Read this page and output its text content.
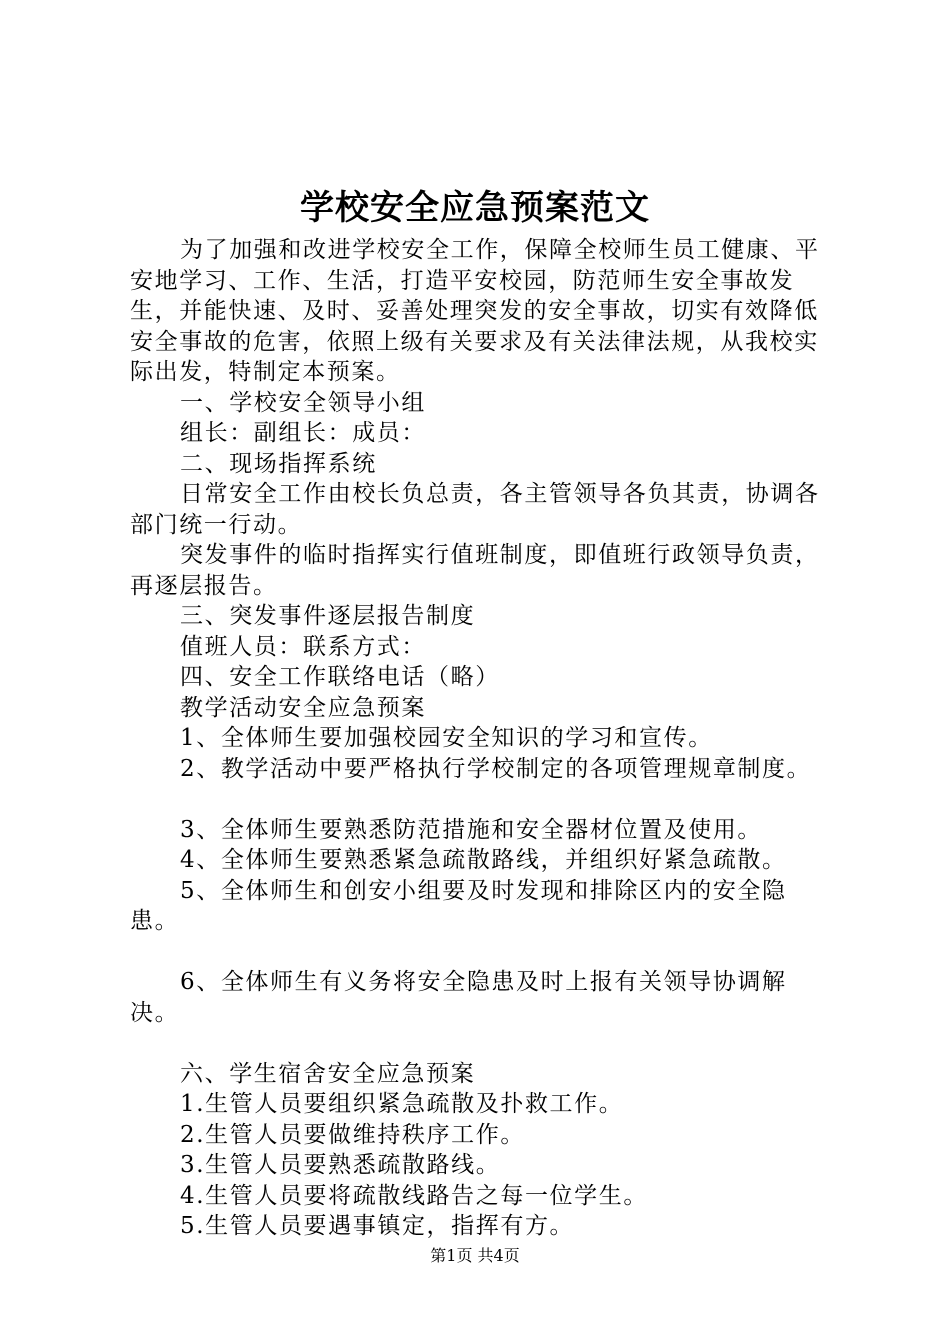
学校安全应急预案范文

为了加强和改进学校安全工作，保障全校师生员工健康、平安地学习、工作、生活，打造平安校园，防范师生安全事故发生，并能快速、及时、妥善处理突发的安全事故，切实有效降低安全事故的危害，依照上级有关要求及有关法律法规，从我校实际出发，特制定本预案。

一、学校安全领导小组

组长：副组长：成员：

二、现场指挥系统

日常安全工作由校长负总责，各主管领导各负其责，协调各部门统一行动。

突发事件的临时指挥实行值班制度，即值班行政领导负责，再逐层报告。

三、突发事件逐层报告制度

值班人员：联系方式：

四、安全工作联络电话（略）

教学活动安全应急预案

1、全体师生要加强校园安全知识的学习和宣传。

2、教学活动中要严格执行学校制定的各项管理规章制度。

3、全体师生要熟悉防范措施和安全器材位置及使用。

4、全体师生要熟悉紧急疏散路线，并组织好紧急疏散。

5、全体师生和创安小组要及时发现和排除区内的安全隐患。

6、全体师生有义务将安全隐患及时上报有关领导协调解决。

六、学生宿舍安全应急预案

1.生管人员要组织紧急疏散及扑救工作。

2.生管人员要做维持秩序工作。

3.生管人员要熟悉疏散路线。

4.生管人员要将疏散线路告之每一位学生。

5.生管人员要遇事镇定，指挥有方。

第1页 共4页
